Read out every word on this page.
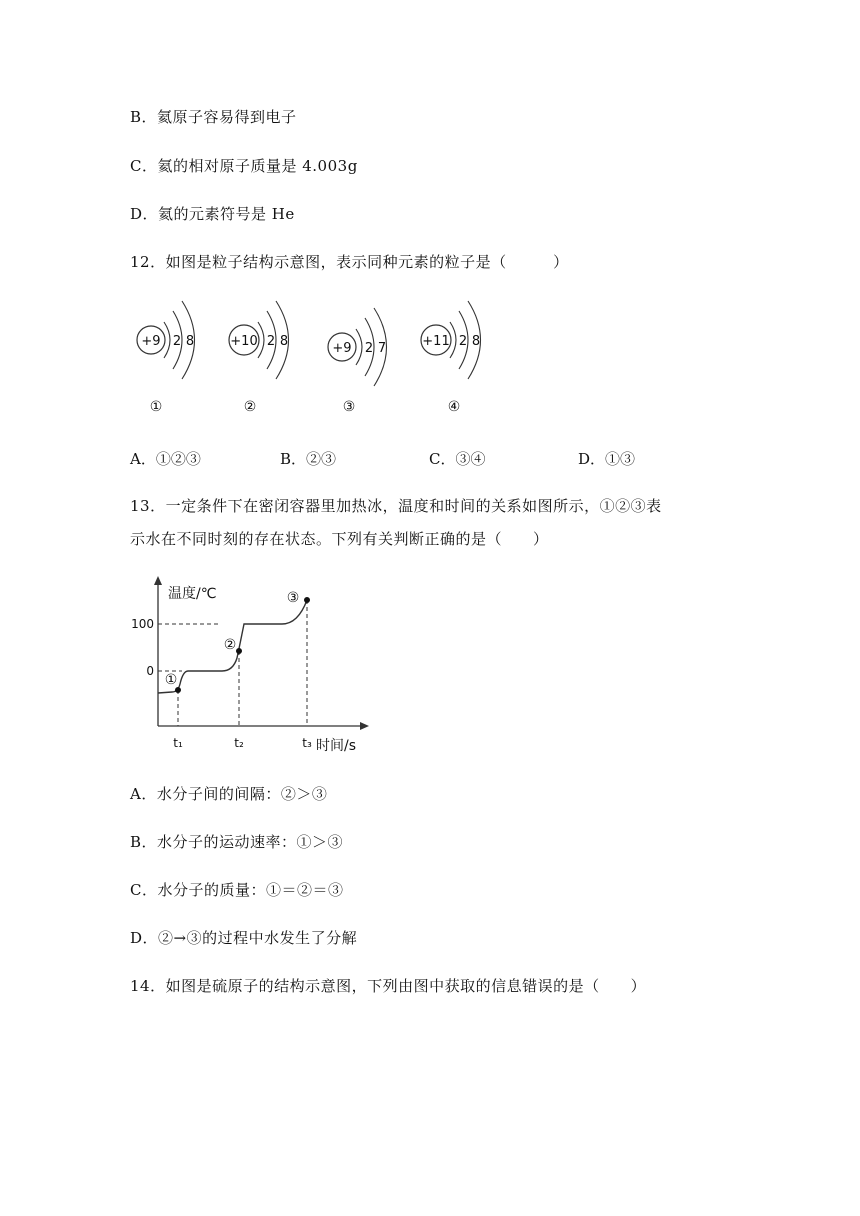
B．氦原子容易得到电子
C．氦的相对原子质量是 4.003g
D．氦的元素符号是 He
12．如图是粒子结构示意图，表示同种元素的粒子是（　　　）
+9 2 8
①
+10 2 8
②
+9 2 7
③
+11 2 8
④
A．①②③	B．②③	C．③④	D．①③
13．一定条件下在密闭容器里加热冰，温度和时间的关系如图所示，①②③表
示水在不同时刻的存在状态。下列有关判断正确的是（　　）
温度/℃
时间/s
100
0
①
②
③
t₁	t₂	t₃
A．水分子间的间隔：②＞③
B．水分子的运动速率：①＞③
C．水分子的质量：①＝②＝③
D．②→③的过程中水发生了分解
14．如图是硫原子的结构示意图，下列由图中获取的信息错误的是（　　）
